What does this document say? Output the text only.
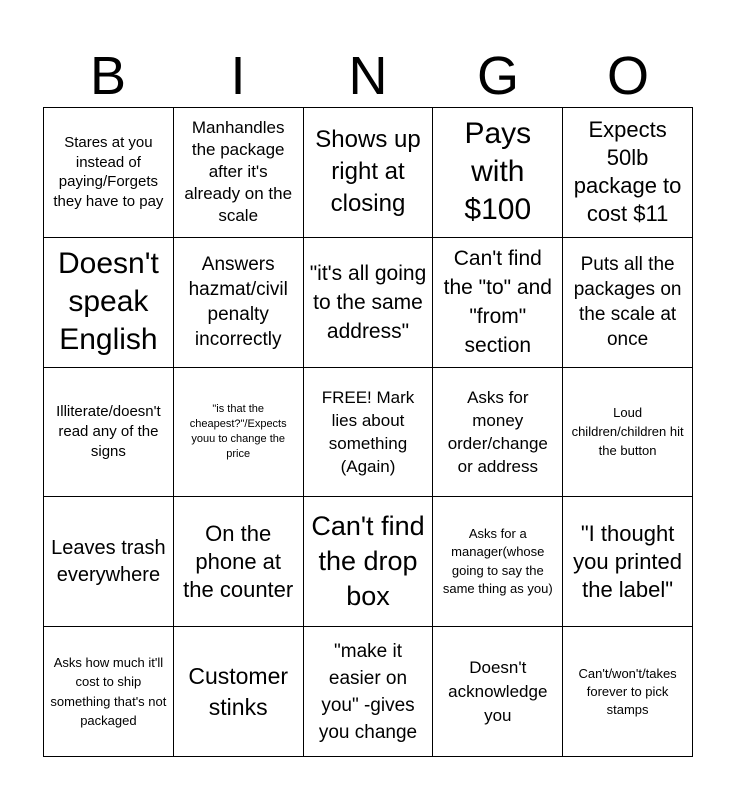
B	I	N	G	O
Stares at you instead of paying/Forgets they have to pay
Manhandles the package after it's already on the scale
Shows up right at closing
Pays with $100
Expects 50lb package to cost $11
Doesn't speak English
Answers hazmat/civil penalty incorrectly
"it's all going to the same address"
Can't find the "to" and "from" section
Puts all the packages on the scale at once
Illiterate/doesn't read any of the signs
"is that the cheapest?"/Expects youu to change the price
FREE! Mark lies about something (Again)
Asks for money order/change or address
Loud children/children hit the button
Leaves trash everywhere
On the phone at the counter
Can't find the drop box
Asks for a manager(whose going to say the same thing as you)
"I thought you printed the label"
Asks how much it'll cost to ship something that's not packaged
Customer stinks
"make it easier on you" -gives you change
Doesn't acknowledge you
Can't/won't/takes forever to pick stamps
